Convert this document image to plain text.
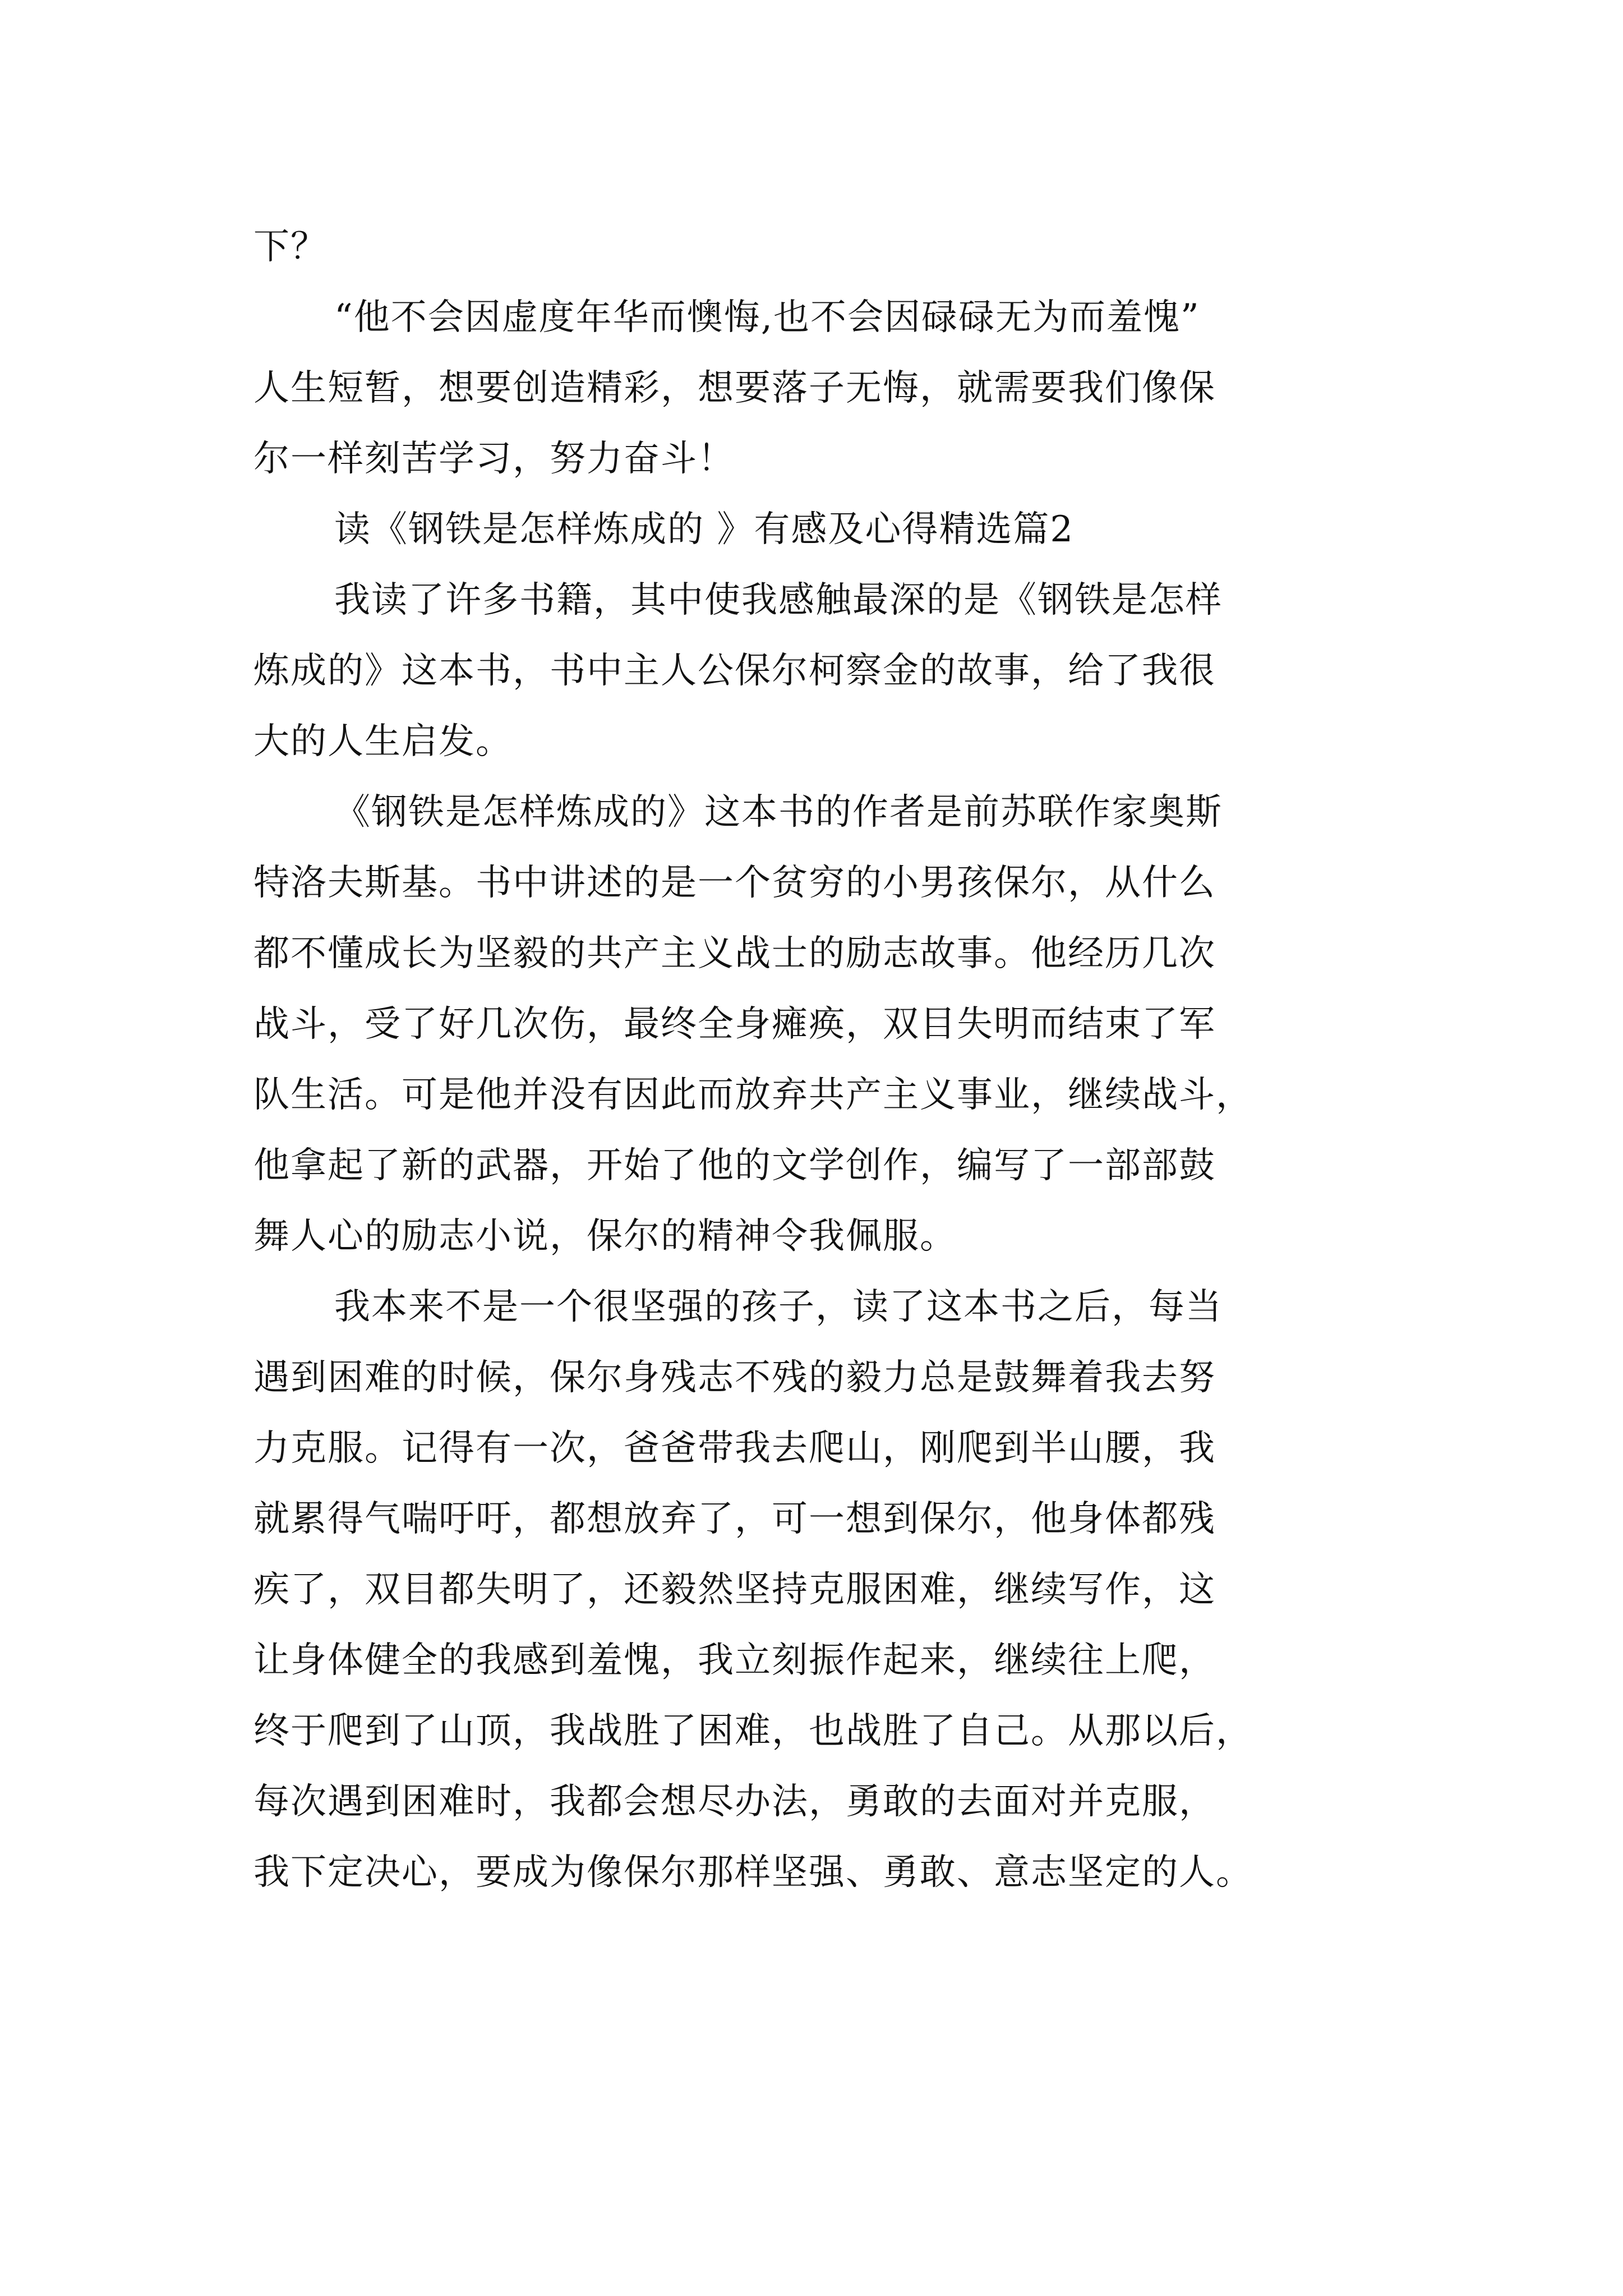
下？

“他不会因虚度年华而懊悔,也不会因碌碌无为而羞愧”

人生短暂，想要创造精彩，想要落子无悔，就需要我们像保

尔一样刻苦学习，努力奋斗！

读《钢铁是怎样炼成的 》有感及心得精选篇2

我读了许多书籍，其中使我感触最深的是《钢铁是怎样

炼成的》这本书，书中主人公保尔柯察金的故事，给了我很

大的人生启发。

《钢铁是怎样炼成的》这本书的作者是前苏联作家奥斯

特洛夫斯基。书中讲述的是一个贫穷的小男孩保尔，从什么

都不懂成长为坚毅的共产主义战士的励志故事。他经历几次

战斗，受了好几次伤，最终全身瘫痪，双目失明而结束了军

队生活。可是他并没有因此而放弃共产主义事业，继续战斗，

他拿起了新的武器，开始了他的文学创作，编写了一部部鼓

舞人心的励志小说，保尔的精神令我佩服。

我本来不是一个很坚强的孩子，读了这本书之后，每当

遇到困难的时候，保尔身残志不残的毅力总是鼓舞着我去努

力克服。记得有一次，爸爸带我去爬山，刚爬到半山腰，我

就累得气喘吁吁，都想放弃了，可一想到保尔，他身体都残

疾了，双目都失明了，还毅然坚持克服困难，继续写作，这

让身体健全的我感到羞愧，我立刻振作起来，继续往上爬，

终于爬到了山顶，我战胜了困难，也战胜了自己。从那以后，

每次遇到困难时，我都会想尽办法，勇敢的去面对并克服，

我下定决心，要成为像保尔那样坚强、勇敢、意志坚定的人。
